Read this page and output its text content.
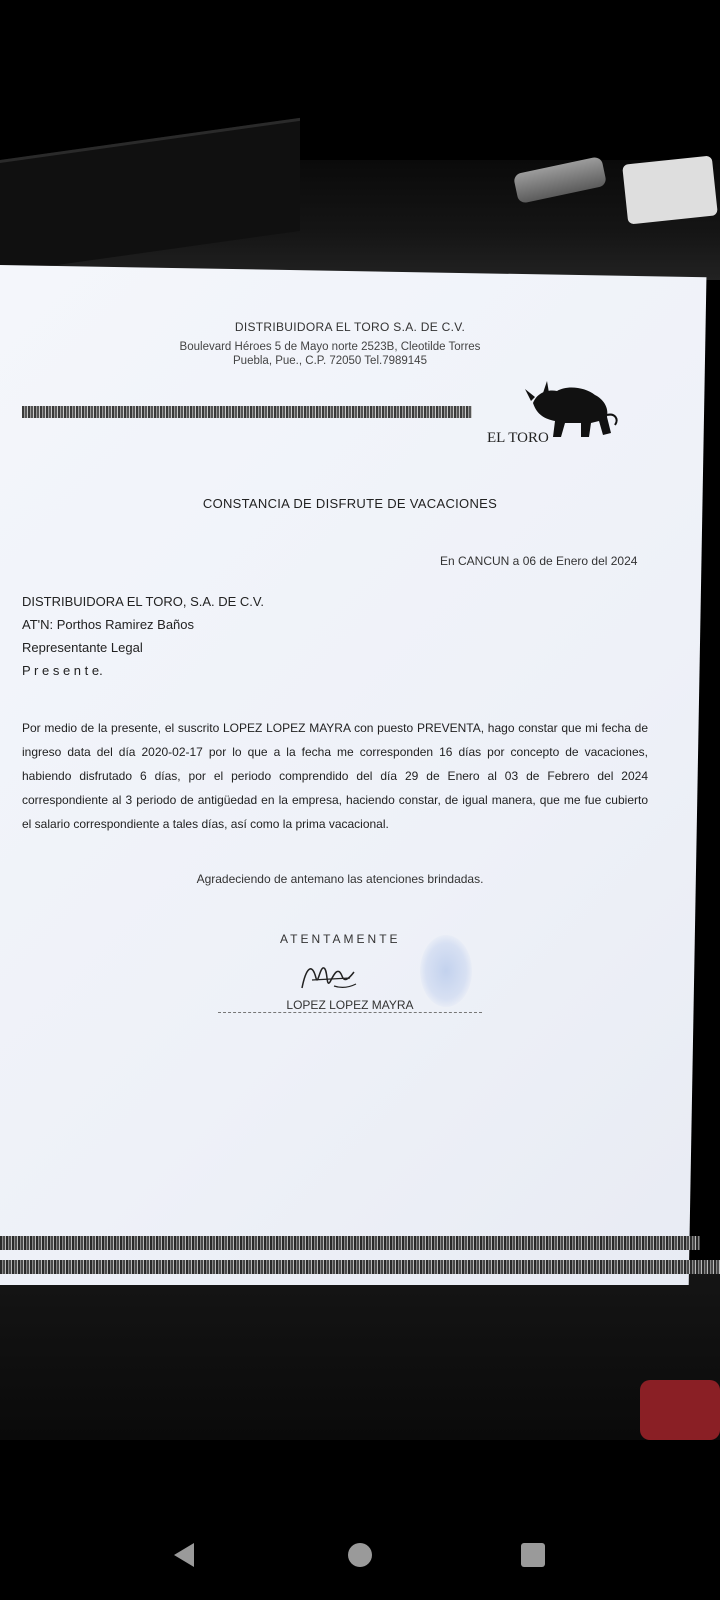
DISTRIBUIDORA EL TORO S.A. DE C.V.
Boulevard Héroes 5 de Mayo norte 2523B, Cleotilde Torres
Puebla, Pue., C.P. 72050 Tel.7989145
EL TORO
CONSTANCIA DE DISFRUTE DE VACACIONES
En CANCUN a 06 de Enero del 2024
DISTRIBUIDORA EL TORO, S.A. DE C.V.
AT'N: Porthos Ramirez Baños
Representante Legal
P r e s e n t e.
Por medio de la presente, el suscrito LOPEZ LOPEZ MAYRA con puesto PREVENTA, hago constar que mi fecha de ingreso data del día 2020-02-17 por lo que a la fecha me corresponden 16 días por concepto de vacaciones, habiendo disfrutado 6 días, por el periodo comprendido del día 29 de Enero al 03 de Febrero del 2024 correspondiente al 3 periodo de antigüedad en la empresa, haciendo constar, de igual manera, que me fue cubierto el salario correspondiente a tales días, así como la prima vacacional.
Agradeciendo de antemano las atenciones brindadas.
ATENTAMENTE
LOPEZ LOPEZ MAYRA
